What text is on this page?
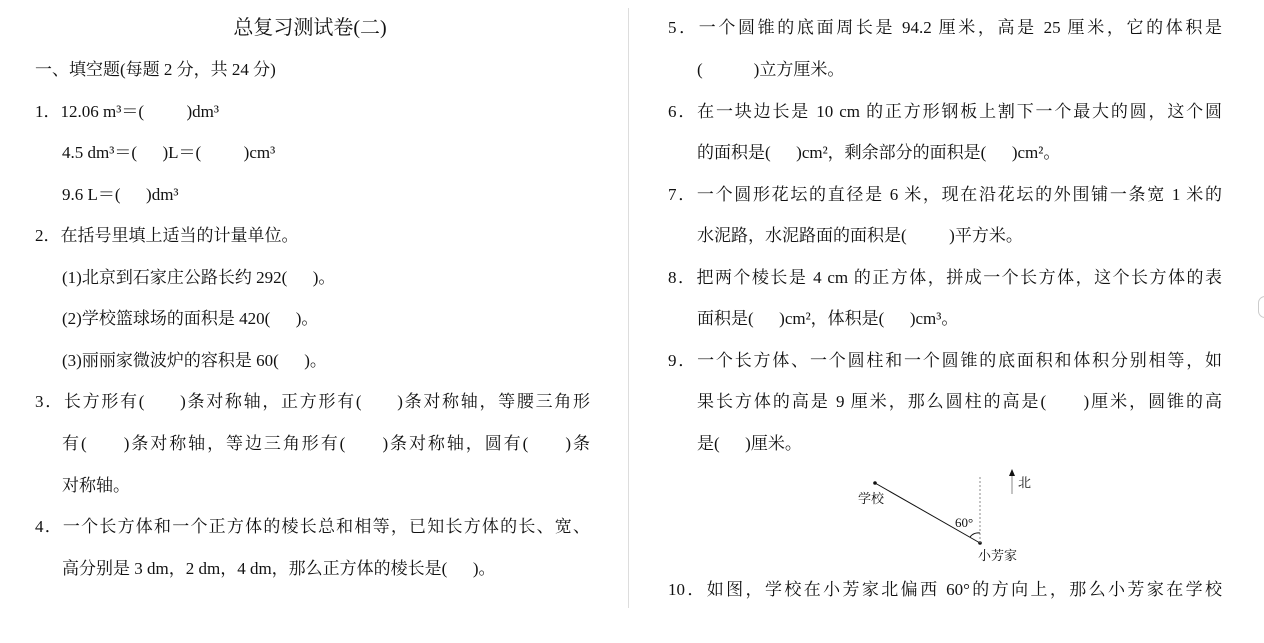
总复习测试卷(二)
一、填空题(每题 2 分，共 24 分)
1．12.06 m³＝(          )dm³
4.5 dm³＝(      )L＝(          )cm³
9.6 L＝(      )dm³
2．在括号里填上适当的计量单位。
(1)北京到石家庄公路长约 292(      )。
(2)学校篮球场的面积是 420(      )。
(3)丽丽家微波炉的容积是 60(      )。
3．长方形有(      )条对称轴，正方形有(      )条对称轴，等腰三角形
有(      )条对称轴，等边三角形有(      )条对称轴，圆有(      )条
对称轴。
4．一个长方体和一个正方体的棱长总和相等，已知长方体的长、宽、
高分别是 3 dm，2 dm，4 dm，那么正方体的棱长是(      )。
5．一个圆锥的底面周长是 94.2 厘米，高是 25 厘米，它的体积是
(            )立方厘米。
6．在一块边长是 10 cm 的正方形钢板上割下一个最大的圆，这个圆
的面积是(      )cm²，剩余部分的面积是(      )cm²。
7．一个圆形花坛的直径是 6 米，现在沿花坛的外围铺一条宽 1 米的
水泥路，水泥路面的面积是(          )平方米。
8．把两个棱长是 4 cm 的正方体，拼成一个长方体，这个长方体的表
面积是(      )cm²，体积是(      )cm³。
9．一个长方体、一个圆柱和一个圆锥的底面积和体积分别相等，如
果长方体的高是 9 厘米，那么圆柱的高是(      )厘米，圆锥的高
是(      )厘米。
学校
60°
小芳家
北
10．如图，学校在小芳家北偏西 60°的方向上，那么小芳家在学校
